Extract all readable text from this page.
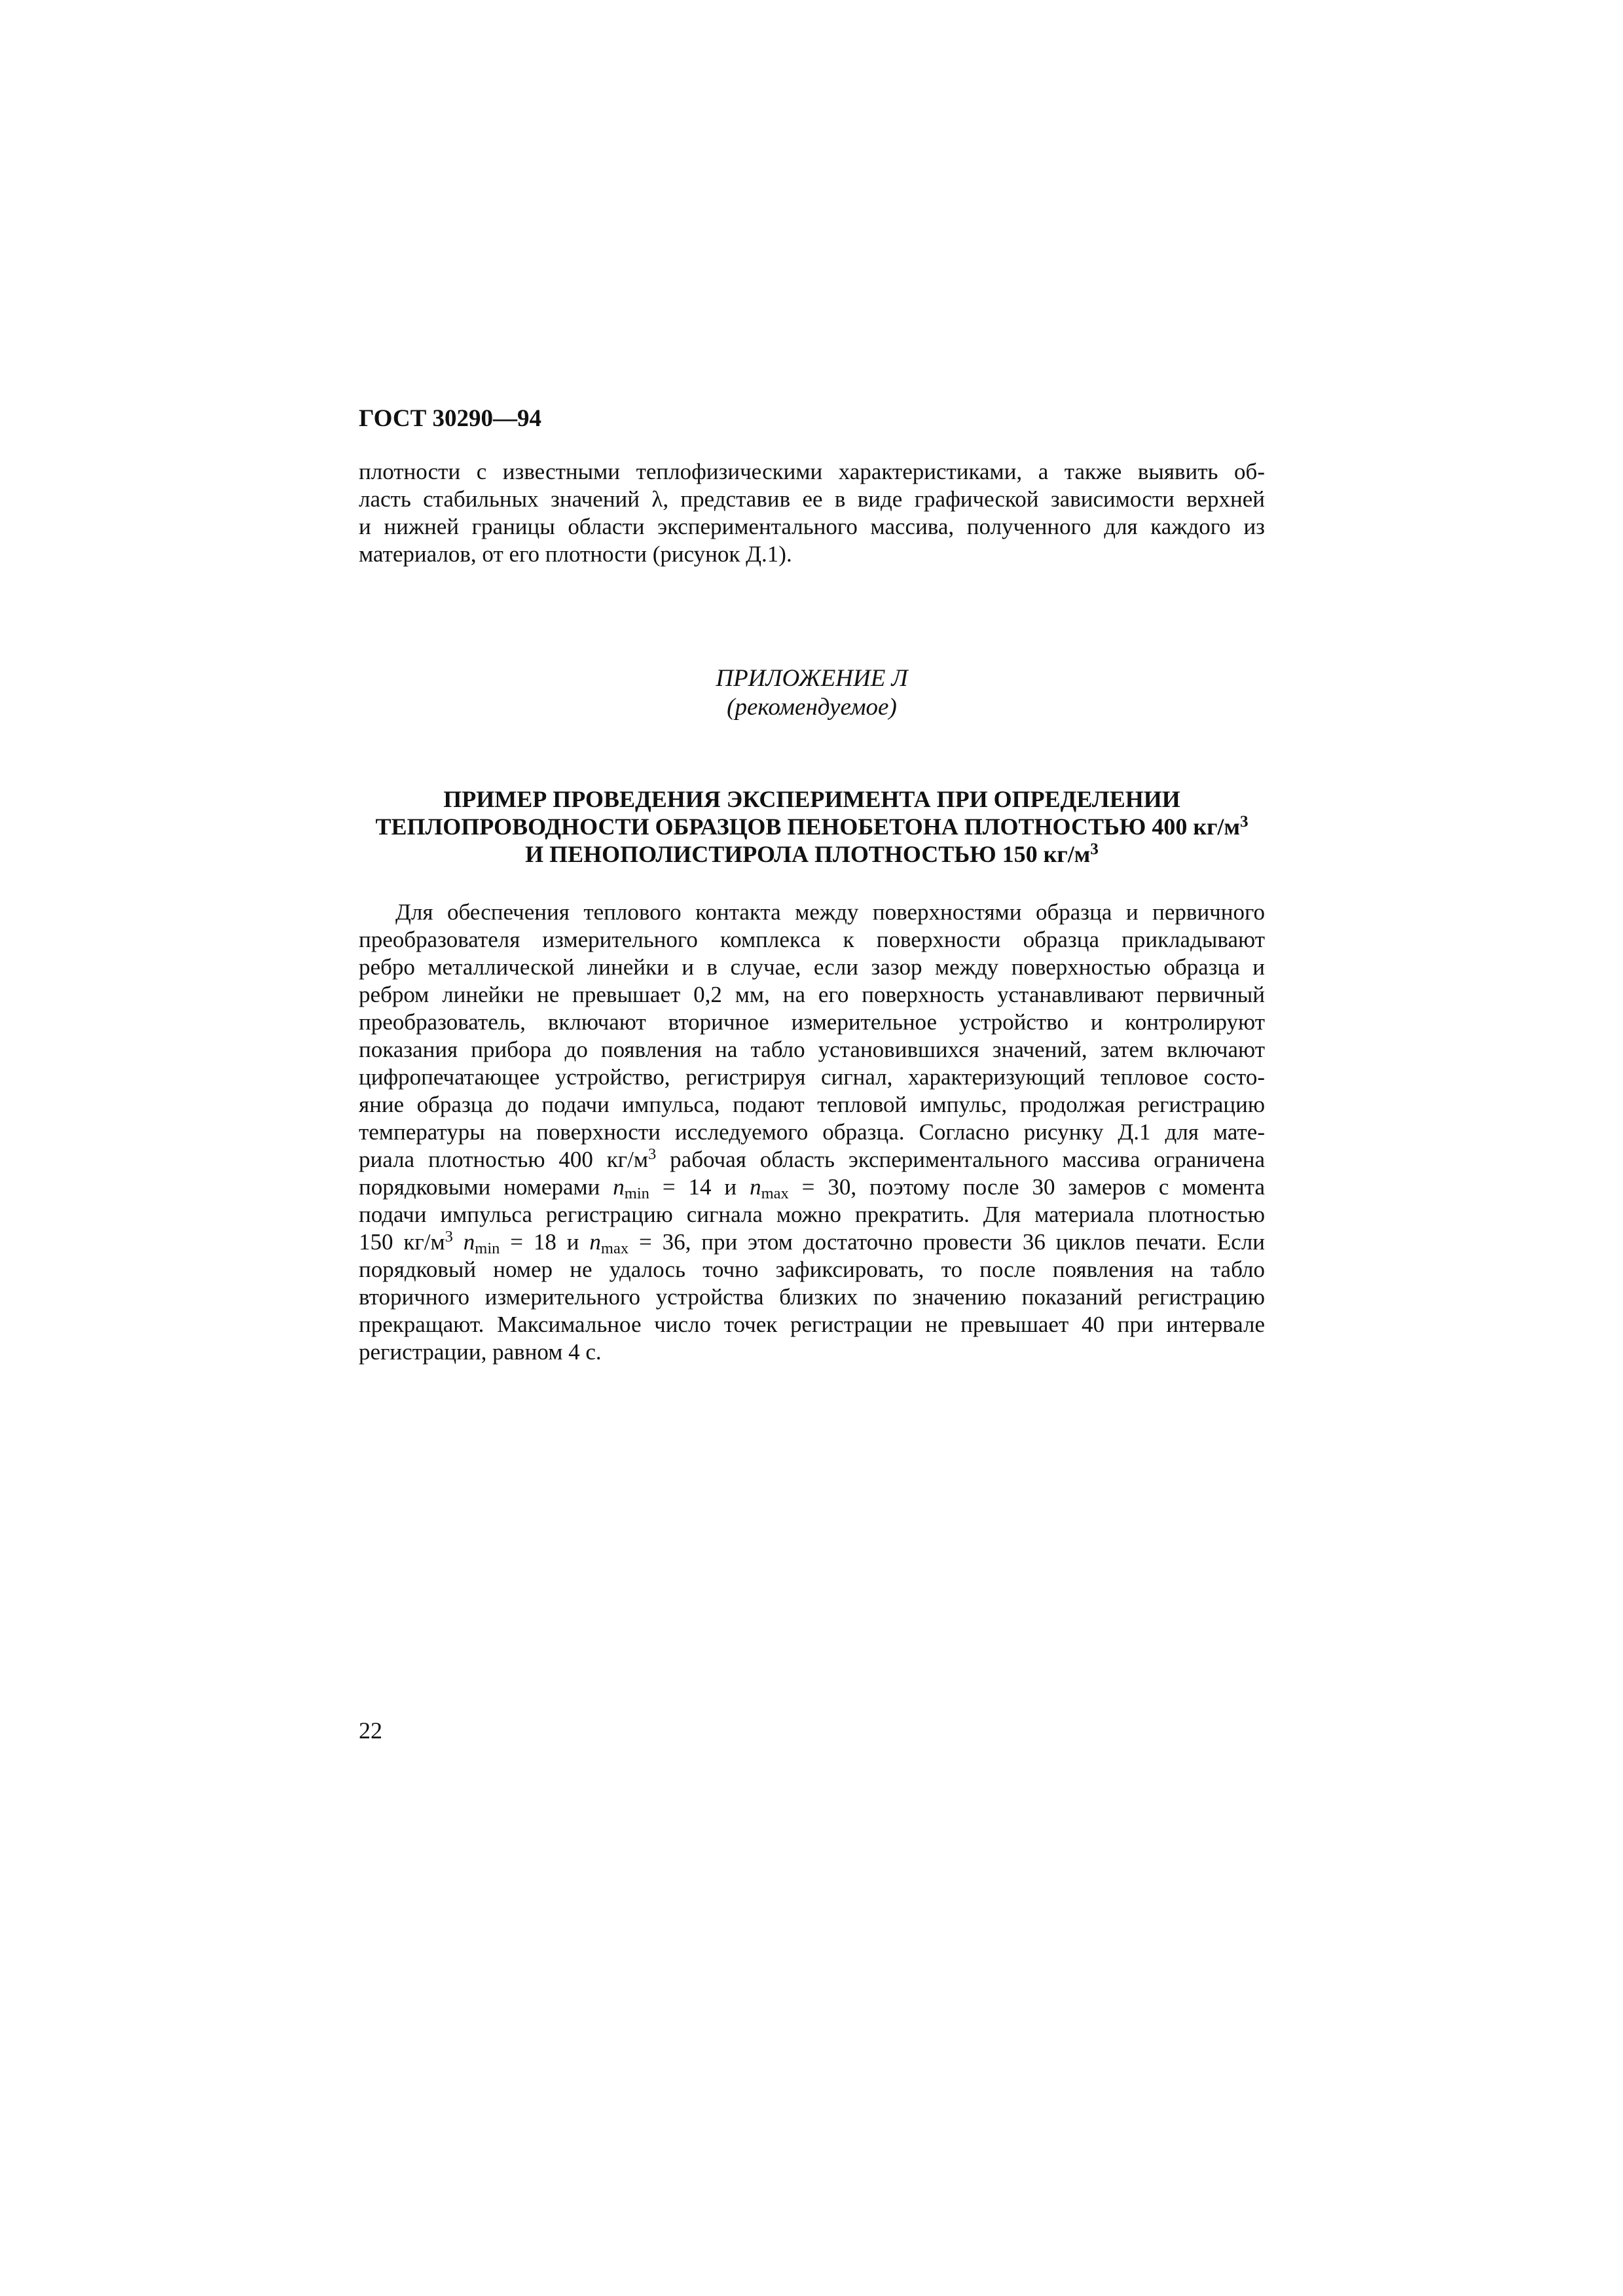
ГОСТ 30290—94
плотности с известными теплофизическими характеристиками, а также выявить об-
ласть стабильных значений λ, представив ее в виде графической зависимости верхней
и нижней границы области экспериментального массива, полученного для каждого из
материалов, от его плотности (рисунок Д.1).
ПРИЛОЖЕНИЕ Л
(рекомендуемое)
ПРИМЕР ПРОВЕДЕНИЯ ЭКСПЕРИМЕНТА ПРИ ОПРЕДЕЛЕНИИ
ТЕПЛОПРОВОДНОСТИ ОБРАЗЦОВ ПЕНОБЕТОНА ПЛОТНОСТЬЮ 400 $кг/м^3$
И ПЕНОПОЛИСТИРОЛА ПЛОТНОСТЬЮ 150 $кг/м^3$
Для обеспечения теплового контакта между поверхностями образца и первичного
преобразователя измерительного комплекса к поверхности образца прикладывают
ребро металлической линейки и в случае, если зазор между поверхностью образца и
ребром линейки не превышает 0,2 мм, на его поверхность устанавливают первичный
преобразователь, включают вторичное измерительное устройство и контролируют
показания прибора до появления на табло установившихся значений, затем включают
цифропечатающее устройство, регистрируя сигнал, характеризующий тепловое состо-
яние образца до подачи импульса, подают тепловой импульс, продолжая регистрацию
температуры на поверхности исследуемого образца. Согласно рисунку Д.1 для мате-
риала плотностью 400 $кг/м^3$ рабочая область экспериментального массива ограничена
порядковыми номерами $n_{min} = 14$ и $n_{max} = 30$, поэтому после 30 замеров с момента
подачи импульса регистрацию сигнала можно прекратить. Для материала плотностью
150 $кг/м^3$ $n_{min} = 18$ и $n_{max} = 36$, при этом достаточно провести 36 циклов печати. Если
порядковый номер не удалось точно зафиксировать, то после появления на табло
вторичного измерительного устройства близких по значению показаний регистрацию
прекращают. Максимальное число точек регистрации не превышает 40 при интервале
регистрации, равном 4 с.
22
